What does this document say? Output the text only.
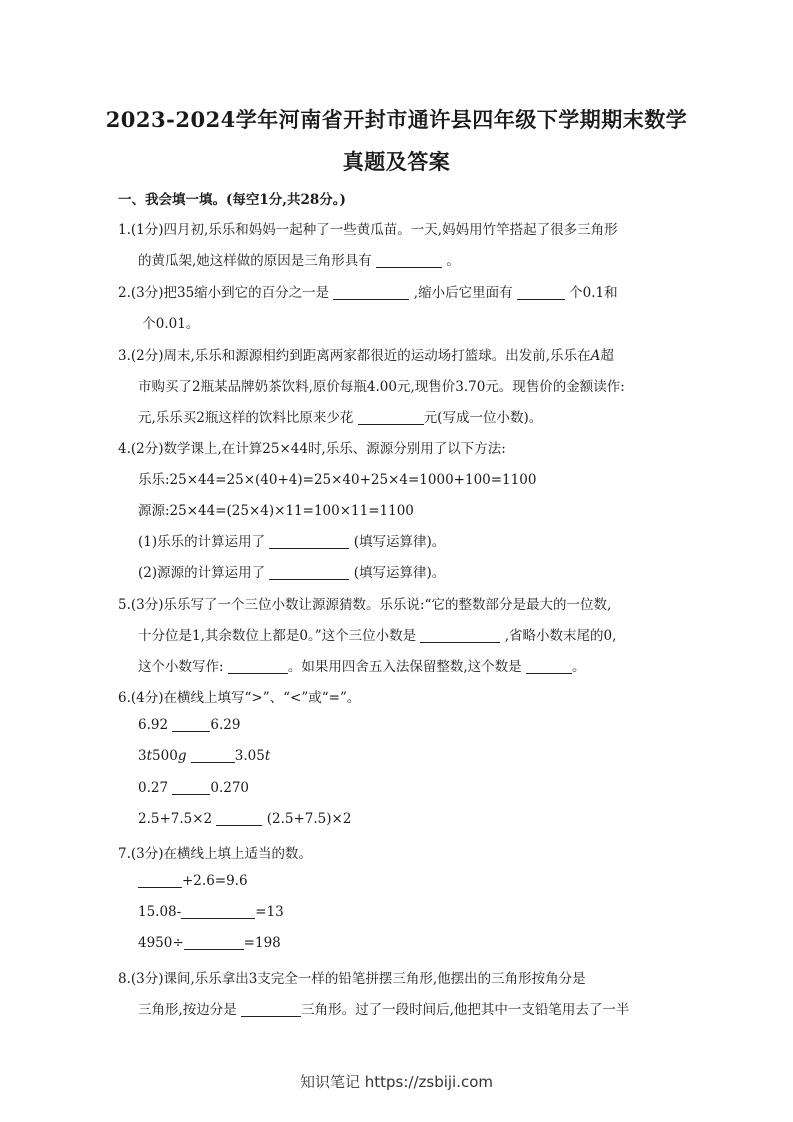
2023-2024学年河南省开封市通许县四年级下学期期末数学
真题及答案
一、我会填一填。(每空1分,共28分。)
1.(1分)四月初,乐乐和妈妈一起种了一些黄瓜苗。一天,妈妈用竹竿搭起了很多三角形
的黄瓜架,她这样做的原因是三角形具有	。
2.(3分)把35缩小到它的百分之一是	,缩小后它里面有	个0.1和
个0.01。
3.(2分)周末,乐乐和源源相约到距离两家都很近的运动场打篮球。出发前,乐乐在A超
市购买了2瓶某品牌奶茶饮料,原价每瓶4.00元,现售价3.70元。现售价的金额读作:
元,乐乐买2瓶这样的饮料比原来少花	元(写成一位小数)。
4.(2分)数学课上,在计算25×44时,乐乐、源源分别用了以下方法:
乐乐:25×44=25×(40+4)=25×40+25×4=1000+100=1100
源源:25×44=(25×4)×11=100×11=1100
(1)乐乐的计算运用了	(填写运算律)。
(2)源源的计算运用了	(填写运算律)。
5.(3分)乐乐写了一个三位小数让源源猜数。乐乐说:“它的整数部分是最大的一位数,
十分位是1,其余数位上都是0。”这个三位小数是	,省略小数末尾的0,
这个小数写作:	。如果用四舍五入法保留整数,这个数是	。
6.(4分)在横线上填写“>”、“<”或“=”。
6.92	6.29
3t500g	3.05t
0.27	0.270
2.5+7.5×2	(2.5+7.5)×2
7.(3分)在横线上填上适当的数。
+2.6=9.6
15.08-	=13
4950÷	=198
8.(3分)课间,乐乐拿出3支完全一样的铅笔拼摆三角形,他摆出的三角形按角分是
三角形,按边分是	三角形。过了一段时间后,他把其中一支铅笔用去了一半
知识笔记 https://zsbiji.com
